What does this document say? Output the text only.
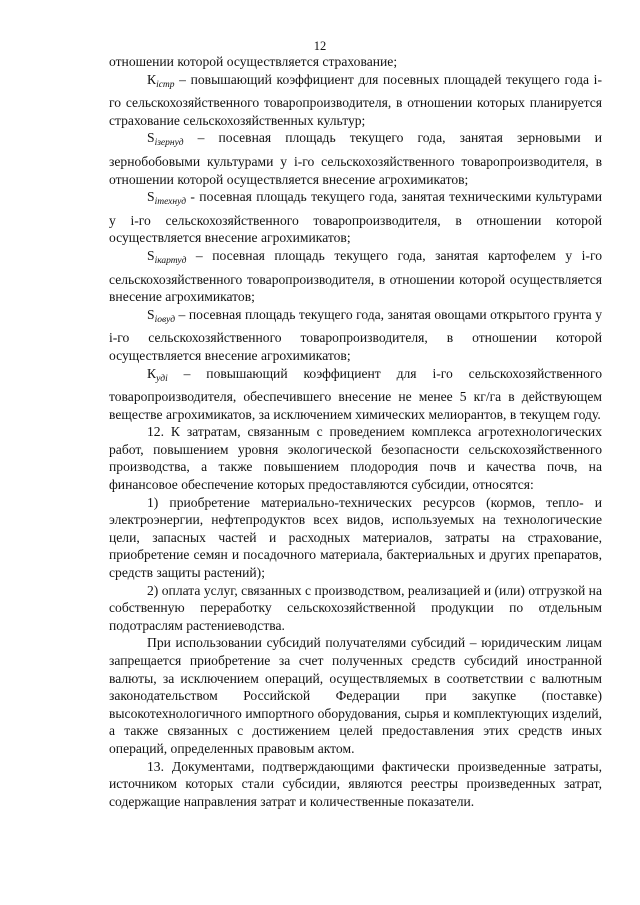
12

отношении которой осуществляется страхование;

$К_{iстр}$ – повышающий коэффициент для посевных площадей текущего года i-го сельскохозяйственного товаропроизводителя, в отношении которых планируется страхование сельскохозяйственных культур;

$S_{iзернуд}$ – посевная площадь текущего года, занятая зерновыми и зернобобовыми культурами у i-го сельскохозяйственного товаропроизводителя, в отношении которой осуществляется внесение агрохимикатов;

$S_{iтехнуд}$ - посевная площадь текущего года, занятая техническими культурами у i-го сельскохозяйственного товаропроизводителя, в отношении которой осуществляется внесение агрохимикатов;

$S_{iкартуд}$ – посевная площадь текущего года, занятая картофелем у i-го сельскохозяйственного товаропроизводителя, в отношении которой осуществляется внесение агрохимикатов;

$S_{iовуд}$ – посевная площадь текущего года, занятая овощами открытого грунта у i-го сельскохозяйственного товаропроизводителя, в отношении которой осуществляется внесение агрохимикатов;

$К_{удi}$ – повышающий коэффициент для i-го сельскохозяйственного товаропроизводителя, обеспечившего внесение не менее 5 кг/га в действующем веществе агрохимикатов, за исключением химических мелиорантов, в текущем году.

12. К затратам, связанным с проведением комплекса агротехнологических работ, повышением уровня экологической безопасности сельскохозяйственного производства, а также повышением плодородия почв и качества почв, на финансовое обеспечение которых предоставляются субсидии, относятся:

1) приобретение материально-технических ресурсов (кормов, тепло- и электроэнергии, нефтепродуктов всех видов, используемых на технологические цели, запасных частей и расходных материалов, затраты на страхование, приобретение семян и посадочного материала, бактериальных и других препаратов, средств защиты растений);

2) оплата услуг, связанных с производством, реализацией и (или) отгрузкой на собственную переработку сельскохозяйственной продукции по отдельным подотраслям растениеводства.

При использовании субсидий получателями субсидий – юридическим лицам запрещается приобретение за счет полученных средств субсидий иностранной валюты, за исключением операций, осуществляемых в соответствии с валютным законодательством Российской Федерации при закупке (поставке) высокотехнологичного импортного оборудования, сырья и комплектующих изделий, а также связанных с достижением целей предоставления этих средств иных операций, определенных правовым актом.

13. Документами, подтверждающими фактически произведенные затраты, источником которых стали субсидии, являются реестры произведенных затрат, содержащие направления затрат и количественные показатели.
